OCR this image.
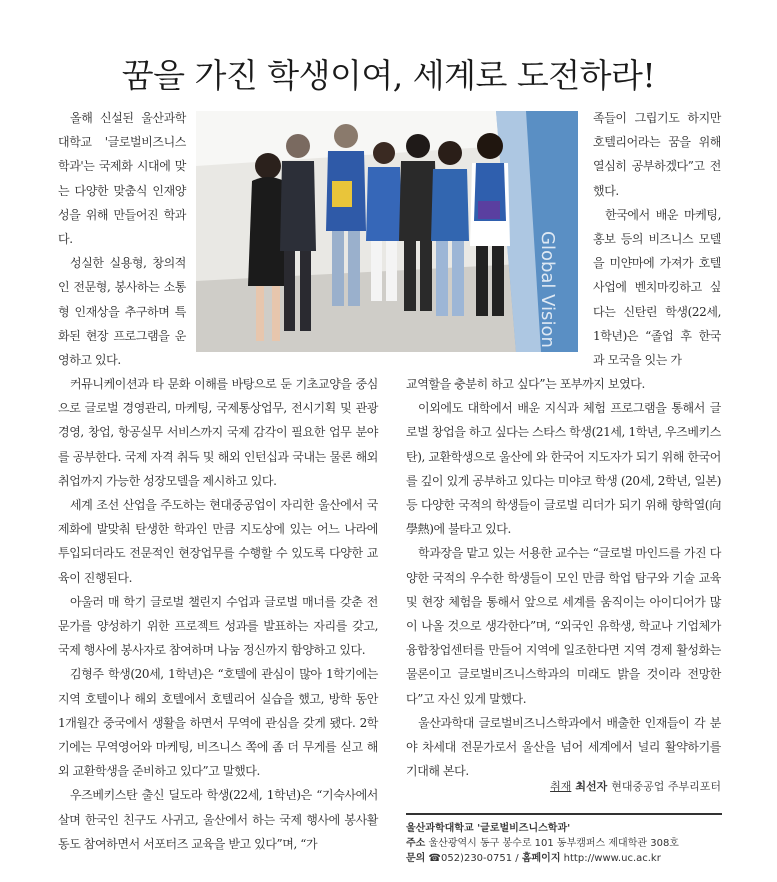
꿈을 가진 학생이여, 세계로 도전하라!

올해 신설된 울산과학대학교 '글로벌비즈니스학과'는 국제화 시대에 맞는 다양한 맞춤식 인재양성을 위해 만들어진 학과다.

성실한 실용형, 창의적인 전문형, 봉사하는 소통형 인재상을 추구하며 특화된 현장 프로그램을 운영하고 있다.

Global Vision

커뮤니케이션과 타 문화 이해를 바탕으로 둔 기초교양을 중심으로 글로벌 경영관리, 마케팅, 국제통상업무, 전시기획 및 관광경영, 창업, 항공실무 서비스까지 국제 감각이 필요한 업무 분야를 공부한다. 국제 자격 취득 및 해외 인턴십과 국내는 물론 해외 취업까지 가능한 성장모델을 제시하고 있다.

세계 조선 산업을 주도하는 현대중공업이 자리한 울산에서 국제화에 발맞춰 탄생한 학과인 만큼 지도상에 있는 어느 나라에 투입되더라도 전문적인 현장업무를 수행할 수 있도록 다양한 교육이 진행된다.

아울러 매 학기 글로벌 챌린지 수업과 글로벌 매너를 갖춘 전문가를 양성하기 위한 프로젝트 성과를 발표하는 자리를 갖고, 국제 행사에 봉사자로 참여하며 나눔 정신까지 함양하고 있다.

김형주 학생(20세, 1학년)은 “호텔에 관심이 많아 1학기에는 지역 호텔이나 해외 호텔에서 호텔리어 실습을 했고, 방학 동안 1개월간 중국에서 생활을 하면서 무역에 관심을 갖게 됐다. 2학기에는 무역영어와 마케팅, 비즈니스 쪽에 좀 더 무게를 싣고 해외 교환학생을 준비하고 있다”고 말했다.

우즈베키스탄 출신 딜도라 학생(22세, 1학년)은 “기숙사에서 살며 한국인 친구도 사귀고, 울산에서 하는 국제 행사에 봉사활동도 참여하면서 서포터즈 교육을 받고 있다”며, “가

족들이 그립기도 하지만 호텔리어라는 꿈을 위해 열심히 공부하겠다”고 전했다.

한국에서 배운 마케팅, 홍보 등의 비즈니스 모델을 미얀마에 가져가 호텔사업에 벤치마킹하고 싶다는 신탄린 학생(22세, 1학년)은 “졸업 후 한국과 모국을 잇는 가

교역할을 충분히 하고 싶다”는 포부까지 보였다.

이외에도 대학에서 배운 지식과 체험 프로그램을 통해서 글로벌 창업을 하고 싶다는 스타스 학생(21세, 1학년, 우즈베키스탄), 교환학생으로 울산에 와 한국어 지도자가 되기 위해 한국어를 깊이 있게 공부하고 있다는 미야코 학생 (20세, 2학년, 일본) 등 다양한 국적의 학생들이 글로벌 리더가 되기 위해 향학열(向學熱)에 불타고 있다.

학과장을 맡고 있는 서용한 교수는 “글로벌 마인드를 가진 다양한 국적의 우수한 학생들이 모인 만큼 학업 탐구와 기술 교육 및 현장 체험을 통해서 앞으로 세계를 움직이는 아이디어가 많이 나올 것으로 생각한다”며, “외국인 유학생, 학교나 기업체가 융합창업센터를 만들어 지역에 일조한다면 지역 경제 활성화는 물론이고 글로벌비즈니스학과의 미래도 밝을 것이라 전망한다”고 자신 있게 말했다.

울산과학대 글로벌비즈니스학과에서 배출한 인재들이 각 분야 차세대 전문가로서 울산을 넘어 세계에서 널리 활약하기를 기대해 본다.

취재 최선자 현대중공업 주부리포터
울산과학대학교 '글로벌비즈니스학과'
주소 울산광역시 동구 봉수로 101 동부캠퍼스 제대학관 308호
문의 ☎052)230-0751 / 홈페이지 http://www.uc.ac.kr
